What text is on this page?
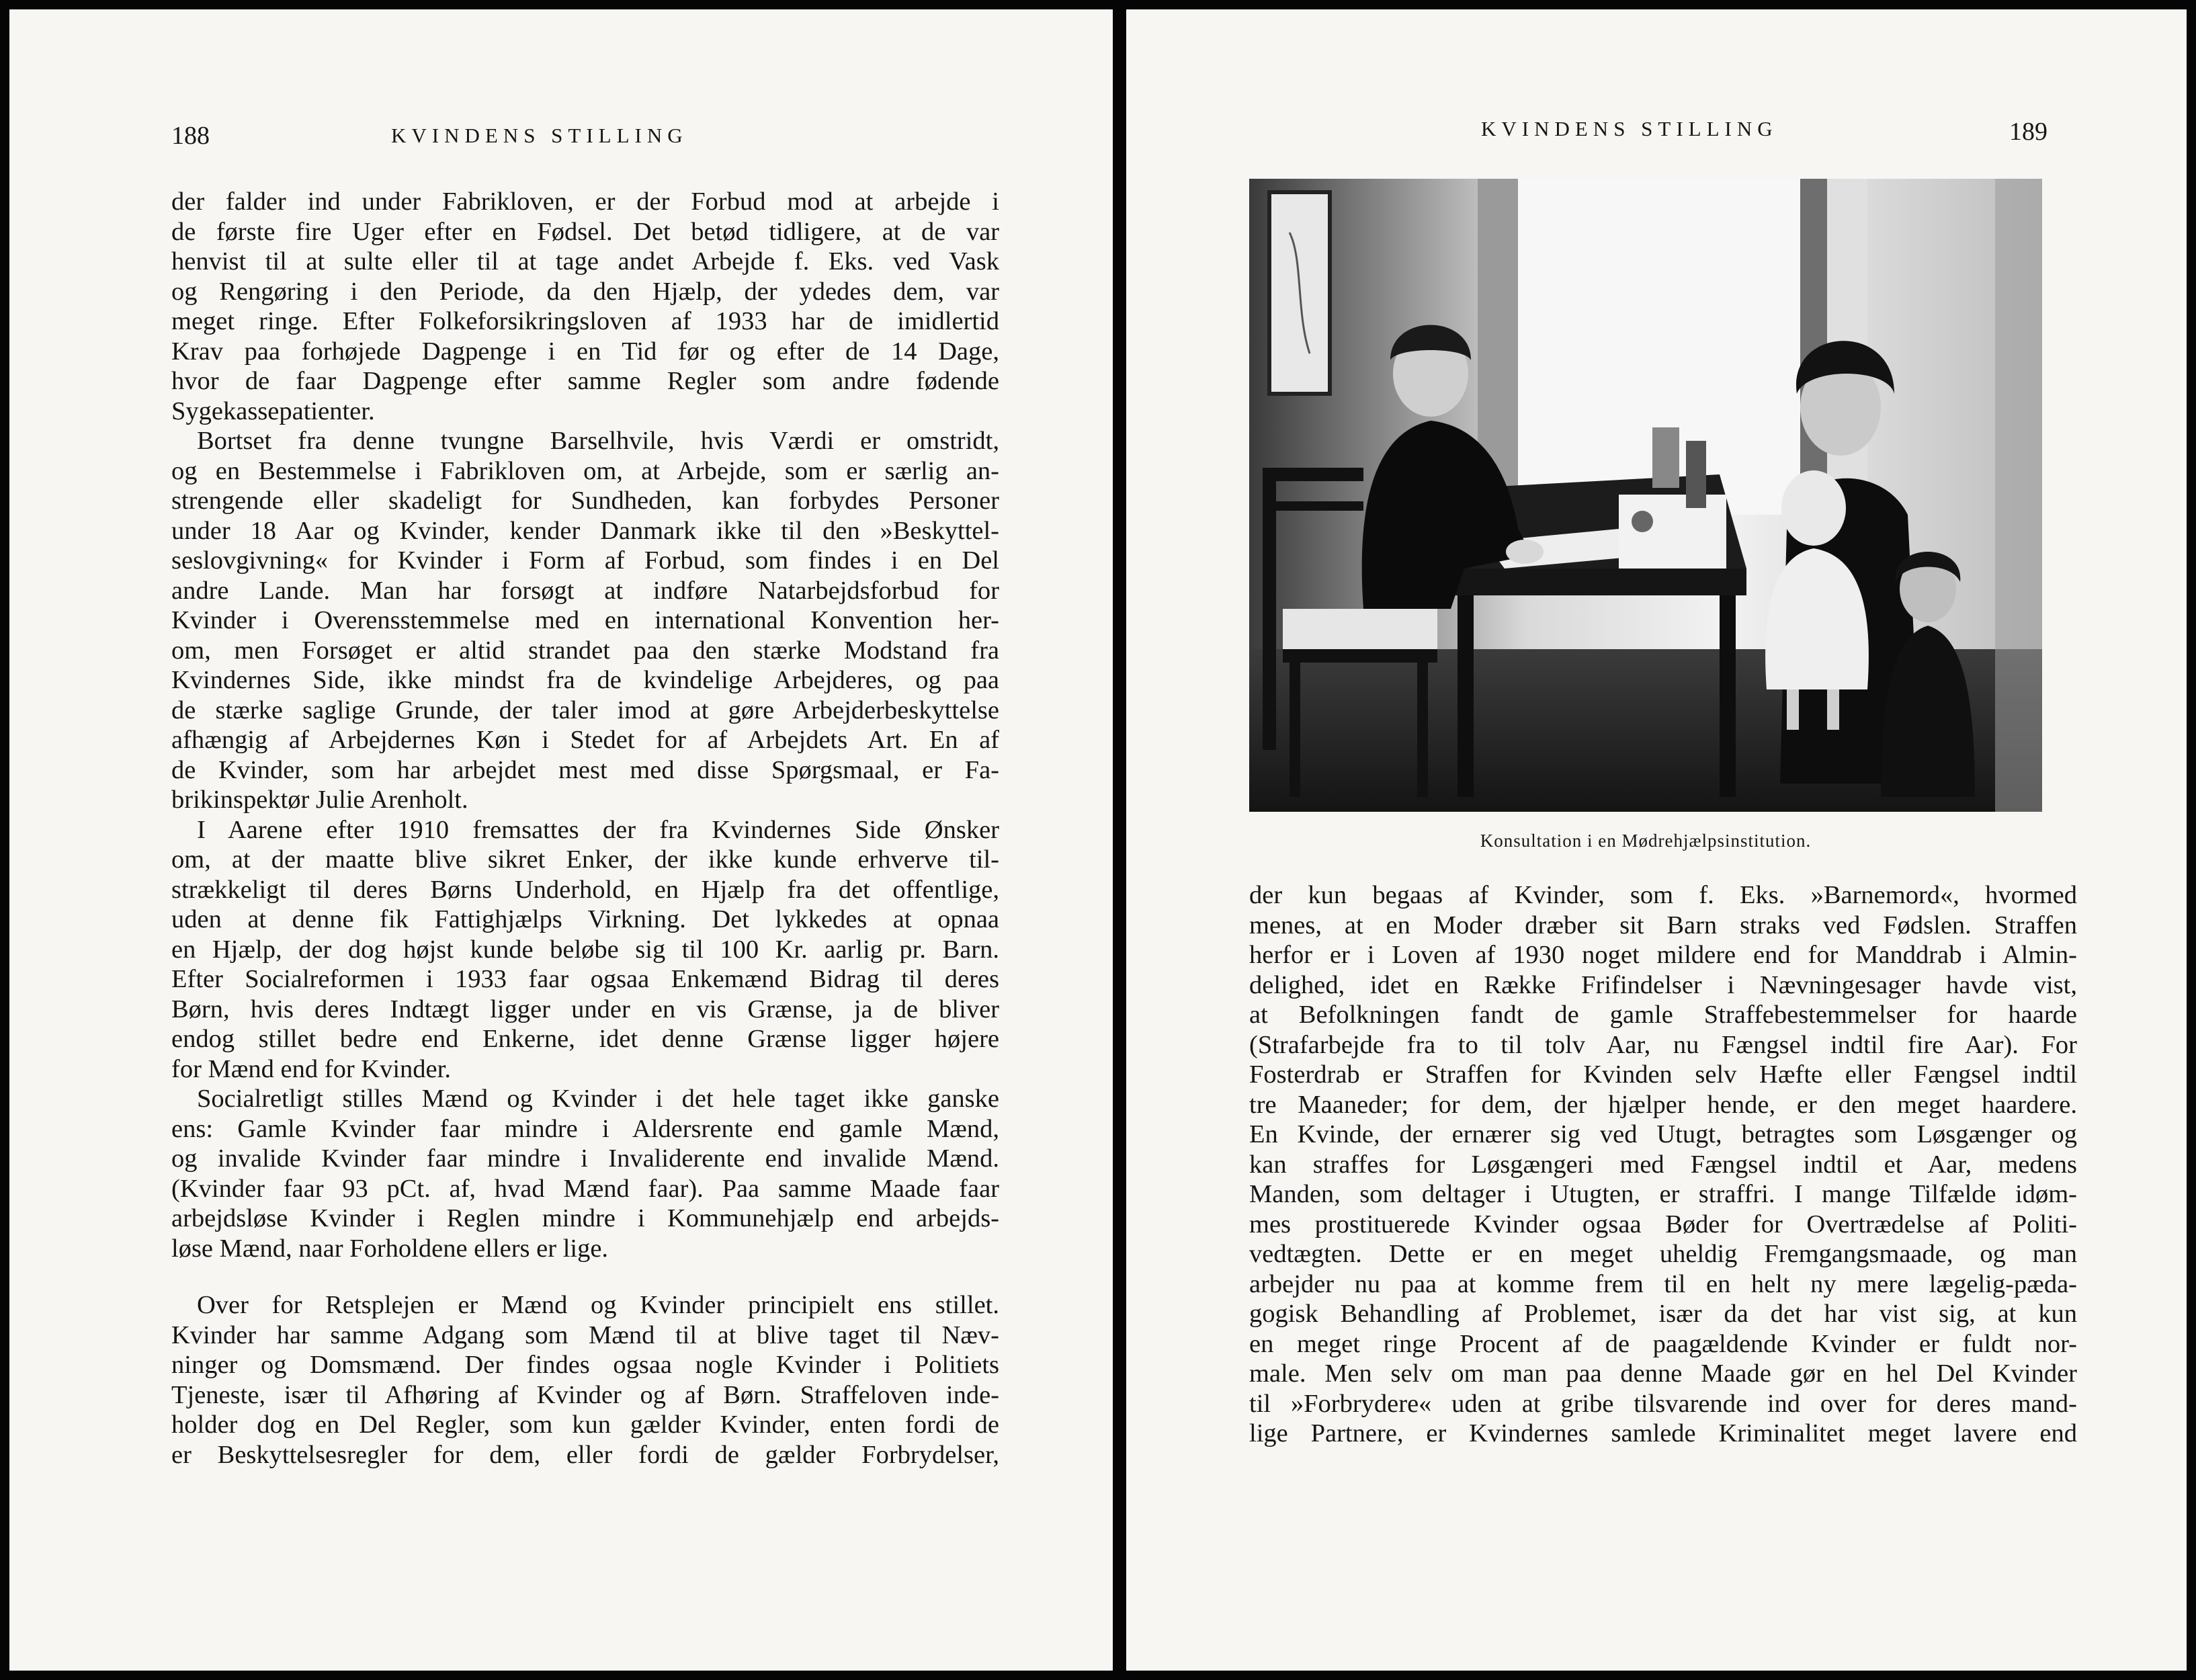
188	KVINDENS STILLING
der falder ind under Fabrikloven, er der Forbud mod at arbejde i
de første fire Uger efter en Fødsel. Det betød tidligere, at de var
henvist til at sulte eller til at tage andet Arbejde f. Eks. ved Vask
og Rengøring i den Periode, da den Hjælp, der ydedes dem, var
meget ringe. Efter Folkeforsikringsloven af 1933 har de imidlertid
Krav paa forhøjede Dagpenge i en Tid før og efter de 14 Dage,
hvor de faar Dagpenge efter samme Regler som andre fødende
Sygekassepatienter.
Bortset fra denne tvungne Barselhvile, hvis Værdi er omstridt,
og en Bestemmelse i Fabrikloven om, at Arbejde, som er særlig an-
strengende eller skadeligt for Sundheden, kan forbydes Personer
under 18 Aar og Kvinder, kender Danmark ikke til den »Beskyttel-
seslovgivning« for Kvinder i Form af Forbud, som findes i en Del
andre Lande. Man har forsøgt at indføre Natarbejdsforbud for
Kvinder i Overensstemmelse med en international Konvention her-
om, men Forsøget er altid strandet paa den stærke Modstand fra
Kvindernes Side, ikke mindst fra de kvindelige Arbejderes, og paa
de stærke saglige Grunde, der taler imod at gøre Arbejderbeskyttelse
afhængig af Arbejdernes Køn i Stedet for af Arbejdets Art. En af
de Kvinder, som har arbejdet mest med disse Spørgsmaal, er Fa-
brikinspektør Julie Arenholt.
I Aarene efter 1910 fremsattes der fra Kvindernes Side Ønsker
om, at der maatte blive sikret Enker, der ikke kunde erhverve til-
strækkeligt til deres Børns Underhold, en Hjælp fra det offentlige,
uden at denne fik Fattighjælps Virkning. Det lykkedes at opnaa
en Hjælp, der dog højst kunde beløbe sig til 100 Kr. aarlig pr. Barn.
Efter Socialreformen i 1933 faar ogsaa Enkemænd Bidrag til deres
Børn, hvis deres Indtægt ligger under en vis Grænse, ja de bliver
endog stillet bedre end Enkerne, idet denne Grænse ligger højere
for Mænd end for Kvinder.
Socialretligt stilles Mænd og Kvinder i det hele taget ikke ganske
ens: Gamle Kvinder faar mindre i Aldersrente end gamle Mænd,
og invalide Kvinder faar mindre i Invaliderente end invalide Mænd.
(Kvinder faar 93 pCt. af, hvad Mænd faar). Paa samme Maade faar
arbejdsløse Kvinder i Reglen mindre i Kommunehjælp end arbejds-
løse Mænd, naar Forholdene ellers er lige.
Over for Retsplejen er Mænd og Kvinder principielt ens stillet.
Kvinder har samme Adgang som Mænd til at blive taget til Næv-
ninger og Domsmænd. Der findes ogsaa nogle Kvinder i Politiets
Tjeneste, især til Afhøring af Kvinder og af Børn. Straffeloven inde-
holder dog en Del Regler, som kun gælder Kvinder, enten fordi de
er Beskyttelsesregler for dem, eller fordi de gælder Forbrydelser,
KVINDENS STILLING	189
Konsultation i en Mødrehjælpsinstitution.
der kun begaas af Kvinder, som f. Eks. »Barnemord«, hvormed
menes, at en Moder dræber sit Barn straks ved Fødslen. Straffen
herfor er i Loven af 1930 noget mildere end for Manddrab i Almin-
delighed, idet en Række Frifindelser i Nævningesager havde vist,
at Befolkningen fandt de gamle Straffebestemmelser for haarde
(Strafarbejde fra to til tolv Aar, nu Fængsel indtil fire Aar). For
Fosterdrab er Straffen for Kvinden selv Hæfte eller Fængsel indtil
tre Maaneder; for dem, der hjælper hende, er den meget haardere.
En Kvinde, der ernærer sig ved Utugt, betragtes som Løsgænger og
kan straffes for Løsgængeri med Fængsel indtil et Aar, medens
Manden, som deltager i Utugten, er straffri. I mange Tilfælde idøm-
mes prostituerede Kvinder ogsaa Bøder for Overtrædelse af Politi-
vedtægten. Dette er en meget uheldig Fremgangsmaade, og man
arbejder nu paa at komme frem til en helt ny mere lægelig-pæda-
gogisk Behandling af Problemet, især da det har vist sig, at kun
en meget ringe Procent af de paagældende Kvinder er fuldt nor-
male. Men selv om man paa denne Maade gør en hel Del Kvinder
til »Forbrydere« uden at gribe tilsvarende ind over for deres mand-
lige Partnere, er Kvindernes samlede Kriminalitet meget lavere end
